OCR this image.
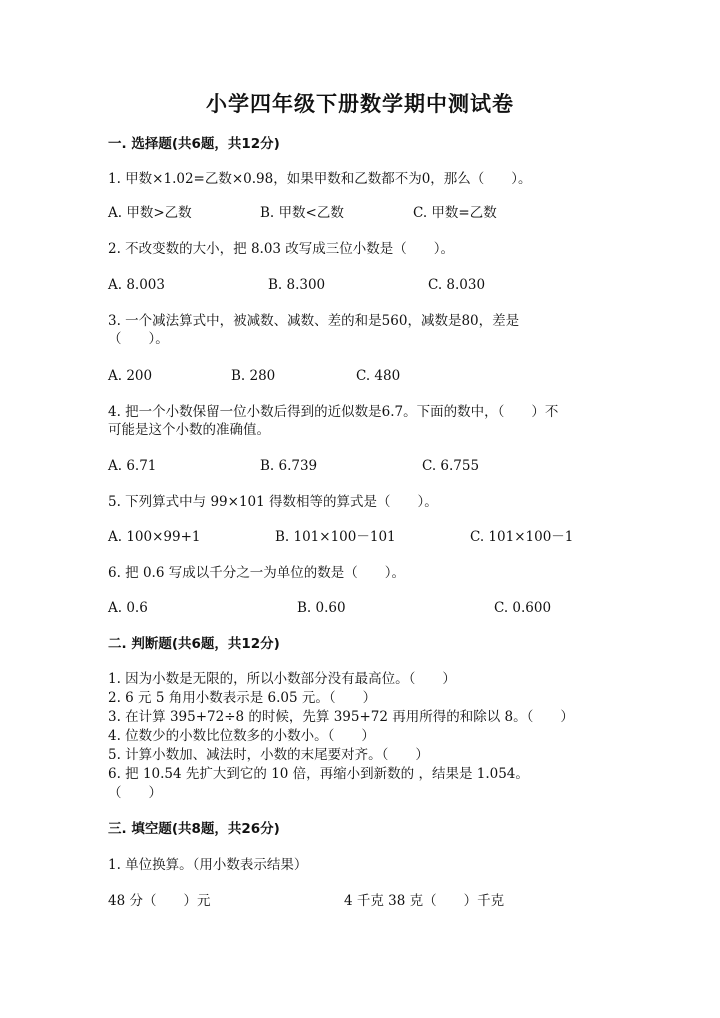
小学四年级下册数学期中测试卷
一. 选择题(共6题，共12分)
1. 甲数×1.02=乙数×0.98，如果甲数和乙数都不为0，那么（　　）。
A. 甲数>乙数	B. 甲数<乙数	C. 甲数=乙数
2. 不改变数的大小，把 8.03 改写成三位小数是（　　）。
A. 8.003	B. 8.300	C. 8.030
3. 一个减法算式中，被减数、减数、差的和是560，减数是80，差是
（　　）。
A. 200	B. 280	C. 480
4. 把一个小数保留一位小数后得到的近似数是6.7。下面的数中，（　　）不
可能是这个小数的准确值。
A. 6.71	B. 6.739	C. 6.755
5. 下列算式中与 99×101 得数相等的算式是（　　）。
A. 100×99+1	B. 101×100－101	C. 101×100－1
6. 把 0.6 写成以千分之一为单位的数是（　　）。
A. 0.6	B. 0.60	C. 0.600
二. 判断题(共6题，共12分)
1. 因为小数是无限的，所以小数部分没有最高位。（　　）
2. 6 元 5 角用小数表示是 6.05 元。（　　）
3. 在计算 395+72÷8 的时候，先算 395+72 再用所得的和除以 8。（　　）
4. 位数少的小数比位数多的小数小。（　　）
5. 计算小数加、减法时，小数的末尾要对齐。（　　）
6. 把 10.54 先扩大到它的 10 倍，再缩小到新数的 ，结果是 1.054。
（　　）
三. 填空题(共8题，共26分)
1. 单位换算。（用小数表示结果）
48 分（　　）元	4 千克 38 克（　　）千克
